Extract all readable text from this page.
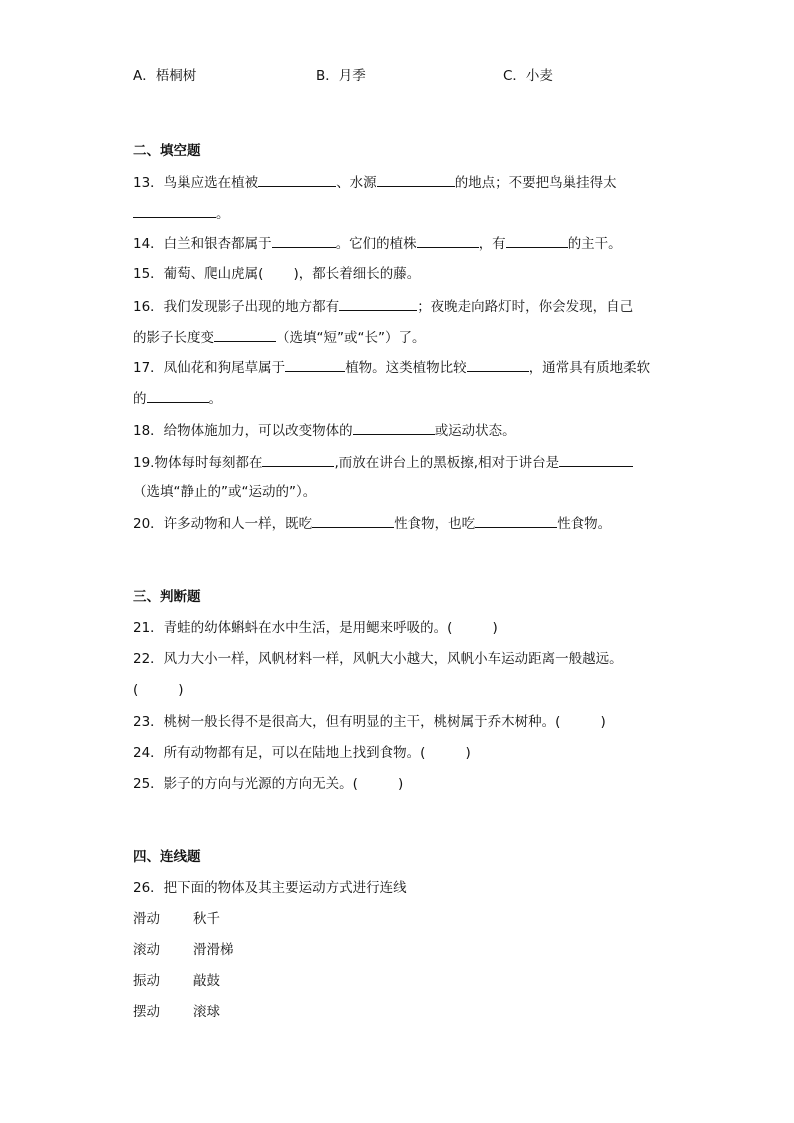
A．梧桐树	B．月季	C．小麦
二、填空题
13．鸟巢应选在植被	、水源	的地点；不要把鸟巢挂得太
。
14．白兰和银杏都属于	。它们的植株	，有	的主干。
15．葡萄、爬山虎属( )，都长着细长的藤。
16．我们发现影子出现的地方都有	；夜晚走向路灯时，你会发现，自己
的影子长度变	（选填“短”或“长”）了。
17．凤仙花和狗尾草属于	植物。这类植物比较	，通常具有质地柔软
的	。
18．给物体施加力，可以改变物体的	或运动状态。
19.物体每时每刻都在	,而放在讲台上的黑板擦,相对于讲台是
（选填“静止的”或“运动的”）。
20．许多动物和人一样，既吃	性食物，也吃	性食物。
三、判断题
21．青蛙的幼体蝌蚪在水中生活，是用鳃来呼吸的。(	)
22．风力大小一样，风帆材料一样，风帆大小越大，风帆小车运动距离一般越远。
(	)
23．桃树一般长得不是很高大，但有明显的主干，桃树属于乔木树种。(	)
24．所有动物都有足，可以在陆地上找到食物。(	)
25．影子的方向与光源的方向无关。(	)
四、连线题
26．把下面的物体及其主要运动方式进行连线
滑动 秋千
滚动 滑滑梯
振动 敲鼓
摆动 滚球
